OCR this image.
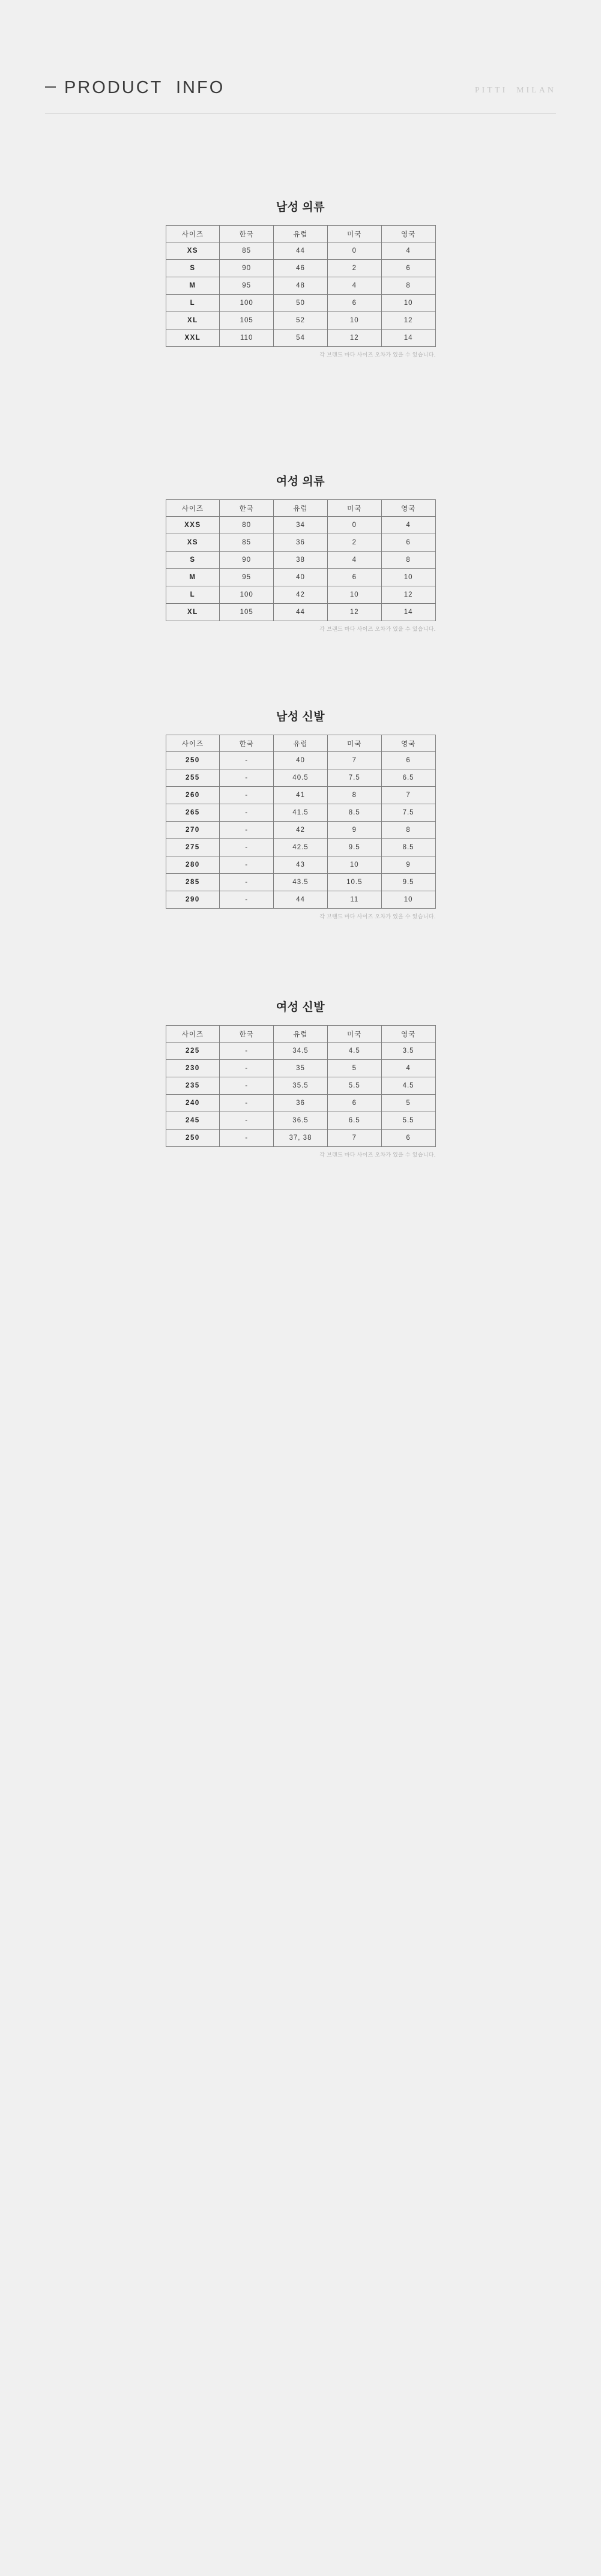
PRODUCT  INFO	PITTI  MILAN
남성 의류
사이즈	한국	유럽	미국	영국
XS	85	44	0	4
S	90	46	2	6
M	95	48	4	8
L	100	50	6	10
XL	105	52	10	12
XXL	110	54	12	14
각 브랜드 마다 사이즈 오차가 있을 수 있습니다.
여성 의류
사이즈	한국	유럽	미국	영국
XXS	80	34	0	4
XS	85	36	2	6
S	90	38	4	8
M	95	40	6	10
L	100	42	10	12
XL	105	44	12	14
각 브랜드 마다 사이즈 오차가 있을 수 있습니다.
남성 신발
사이즈	한국	유럽	미국	영국
250	-	40	7	6
255	-	40.5	7.5	6.5
260	-	41	8	7
265	-	41.5	8.5	7.5
270	-	42	9	8
275	-	42.5	9.5	8.5
280	-	43	10	9
285	-	43.5	10.5	9.5
290	-	44	11	10
각 브랜드 마다 사이즈 오차가 있을 수 있습니다.
여성 신발
사이즈	한국	유럽	미국	영국
225	-	34.5	4.5	3.5
230	-	35	5	4
235	-	35.5	5.5	4.5
240	-	36	6	5
245	-	36.5	6.5	5.5
250	-	37, 38	7	6
각 브랜드 마다 사이즈 오차가 있을 수 있습니다.
